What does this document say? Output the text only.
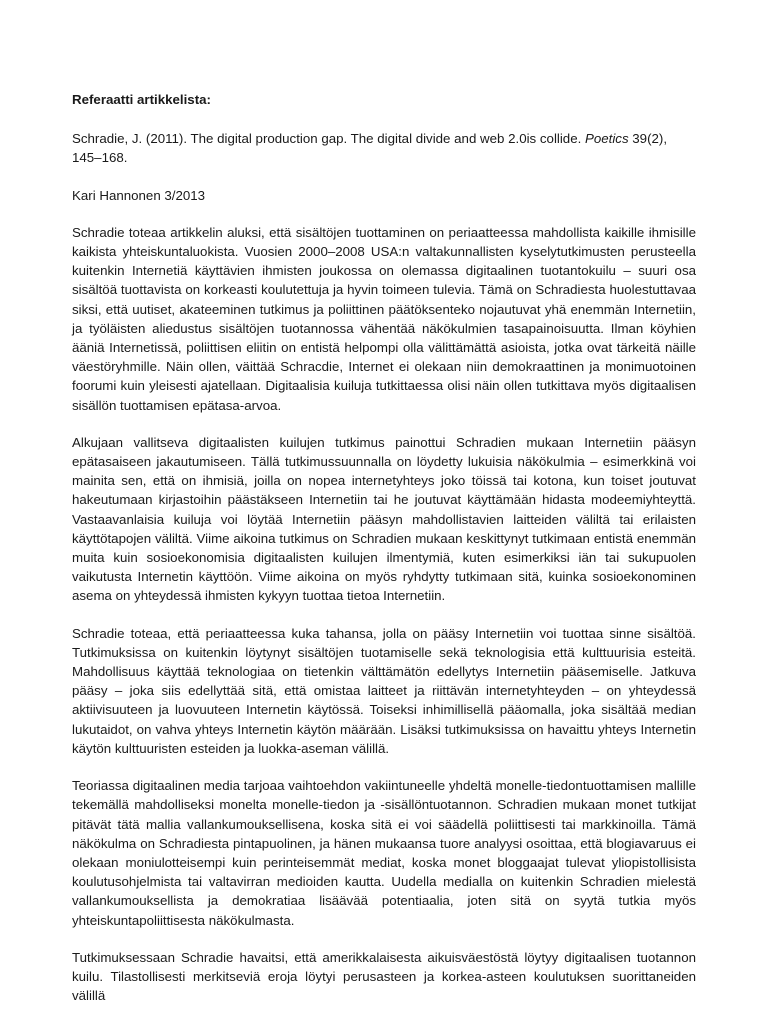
Referaatti artikkelista:

Schradie, J. (2011). The digital production gap. The digital divide and web 2.0is collide. Poetics 39(2), 145–168.

Kari Hannonen 3/2013

Schradie toteaa artikkelin aluksi, että sisältöjen tuottaminen on periaatteessa mahdollista kaikille ihmisille kaikista yhteiskuntaluokista. Vuosien 2000–2008 USA:n valtakunnallisten kyselytutkimusten perusteella kuitenkin Internetiä käyttävien ihmisten joukossa on olemassa digitaalinen tuotantokuilu – suuri osa sisältöä tuottavista on korkeasti koulutettuja ja hyvin toimeen tulevia. Tämä on Schradiesta huolestuttavaa siksi, että uutiset, akateeminen tutkimus ja poliittinen päätöksenteko nojautuvat yhä enemmän Internetiin, ja työläisten aliedustus sisältöjen tuotannossa vähentää näkökulmien tasapainoisuutta. Ilman köyhien ääniä Internetissä, poliittisen eliitin on entistä helpompi olla välittämättä asioista, jotka ovat tärkeitä näille väestöryhmille. Näin ollen, väittää Schracdie, Internet ei olekaan niin demokraattinen ja monimuotoinen foorumi kuin yleisesti ajatellaan. Digitaalisia kuiluja tutkittaessa olisi näin ollen tutkittava myös digitaalisen sisällön tuottamisen epätasa-arvoa.

Alkujaan vallitseva digitaalisten kuilujen tutkimus painottui Schradien mukaan Internetiin pääsyn epätasaiseen jakautumiseen. Tällä tutkimussuunnalla on löydetty lukuisia näkökulmia – esimerkkinä voi mainita sen, että on ihmisiä, joilla on nopea internetyhteys joko töissä tai kotona, kun toiset joutuvat hakeutumaan kirjastoihin päästäkseen Internetiin tai he joutuvat käyttämään hidasta modeemiyhteyttä. Vastaavanlaisia kuiluja voi löytää Internetiin pääsyn mahdollistavien laitteiden väliltä tai erilaisten käyttötapojen väliltä. Viime aikoina tutkimus on Schradien mukaan keskittynyt tutkimaan entistä enemmän muita kuin sosioekonomisia digitaalisten kuilujen ilmentymiä, kuten esimerkiksi iän tai sukupuolen vaikutusta Internetin käyttöön. Viime aikoina on myös ryhdytty tutkimaan sitä, kuinka sosioekonominen asema on yhteydessä ihmisten kykyyn tuottaa tietoa Internetiin.

Schradie toteaa, että periaatteessa kuka tahansa, jolla on pääsy Internetiin voi tuottaa sinne sisältöä. Tutkimuksissa on kuitenkin löytynyt sisältöjen tuotamiselle sekä teknologisia että kulttuurisia esteitä. Mahdollisuus käyttää teknologiaa on tietenkin välttämätön edellytys Internetiin pääsemiselle. Jatkuva pääsy – joka siis edellyttää sitä, että omistaa laitteet ja riittävän internetyhteyden – on yhteydessä aktiivisuuteen ja luovuuteen Internetin käytössä. Toiseksi inhimillisellä pääomalla, joka sisältää median lukutaidot, on vahva yhteys Internetin käytön määrään. Lisäksi tutkimuksissa on havaittu yhteys Internetin käytön kulttuuristen esteiden ja luokka-aseman välillä.

Teoriassa digitaalinen media tarjoaa vaihtoehdon vakiintuneelle yhdeltä monelle-tiedontuottamisen mallille tekemällä mahdolliseksi monelta monelle-tiedon ja -sisällöntuotannon. Schradien mukaan monet tutkijat pitävät tätä mallia vallankumouksellisena, koska sitä ei voi säädellä poliittisesti tai markkinoilla. Tämä näkökulma on Schradiesta pintapuolinen, ja hänen mukaansa tuore analyysi osoittaa, että blogiavaruus ei olekaan moniulotteisempi kuin perinteisemmät mediat, koska monet bloggaajat tulevat yliopistollisista koulutusohjelmista tai valtavirran medioiden kautta. Uudella medialla on kuitenkin Schradien mielestä vallankumouksellista ja demokratiaa lisäävää potentiaalia, joten sitä on syytä tutkia myös yhteiskuntapoliittisesta näkökulmasta.

Tutkimuksessaan Schradie havaitsi, että amerikkalaisesta aikuisväestöstä löytyy digitaalisen tuotannon kuilu. Tilastollisesti merkitseviä eroja löytyi perusasteen ja korkea-asteen koulutuksen suorittaneiden välillä
